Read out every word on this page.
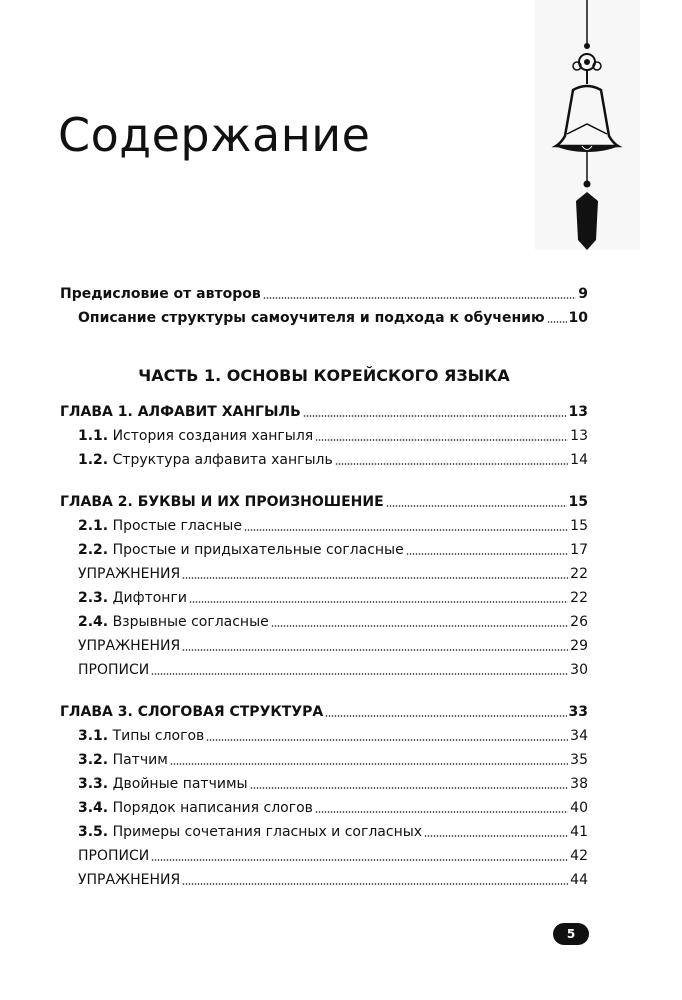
Содержание
Предисловие от авторов	9
Описание структуры самоучителя и подхода к обучению 10
ЧАСТЬ 1. ОСНОВЫ КОРЕЙСКОГО ЯЗЫКА
ГЛАВА 1. АЛФАВИТ ХАНГЫЛЬ	13
1.1. История создания хангыля	13
1.2. Структура алфавита хангыль	14
ГЛАВА 2. БУКВЫ И ИХ ПРОИЗНОШЕНИЕ	15
2.1. Простые гласные	15
2.2. Простые и придыхательные согласные	17
УПРАЖНЕНИЯ	22
2.3. Дифтонги	22
2.4. Взрывные согласные	26
УПРАЖНЕНИЯ	29
ПРОПИСИ	30
ГЛАВА 3. СЛОГОВАЯ СТРУКТУРА	33
3.1. Типы слогов	34
3.2. Патчим	35
3.3. Двойные патчимы	38
3.4. Порядок написания слогов	40
3.5. Примеры сочетания гласных и согласных	41
ПРОПИСИ	42
УПРАЖНЕНИЯ	44
5
